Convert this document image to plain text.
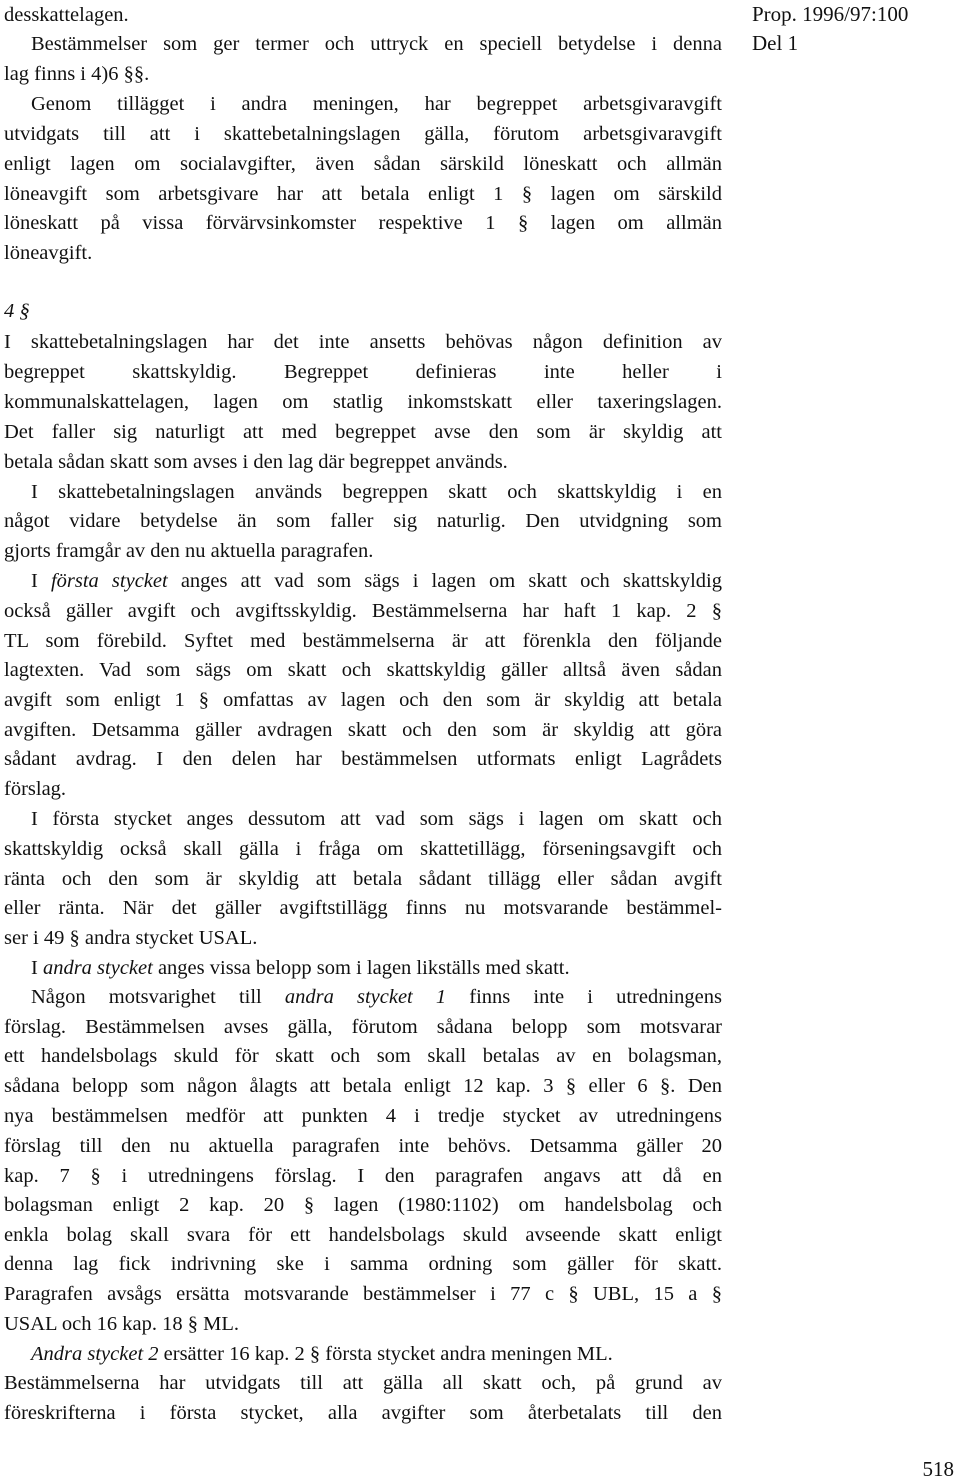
Prop. 1996/97:100
Del 1
desskattelagen.
Bestämmelser som ger termer och uttryck en speciell betydelse i denna
lag finns i 4)6 §§.
Genom tillägget i andra meningen, har begreppet arbetsgivaravgift
utvidgats till att i skattebetalningslagen gälla, förutom arbetsgivaravgift
enligt lagen om socialavgifter, även sådan särskild löneskatt och allmän
löneavgift som arbetsgivare har att betala enligt 1 § lagen om särskild
löneskatt på vissa förvärvsinkomster respektive 1 § lagen om allmän
löneavgift.
4 §
I skattebetalningslagen har det inte ansetts behövas någon definition av
begreppet skattskyldig. Begreppet definieras inte heller i
kommunalskattelagen, lagen om statlig inkomstskatt eller taxeringslagen.
Det faller sig naturligt att med begreppet avse den som är skyldig att
betala sådan skatt som avses i den lag där begreppet används.
I skattebetalningslagen används begreppen skatt och skattskyldig i en
något vidare betydelse än som faller sig naturlig. Den utvidgning som
gjorts framgår av den nu aktuella paragrafen.
I första stycket anges att vad som sägs i lagen om skatt och skattskyldig
också gäller avgift och avgiftsskyldig. Bestämmelserna har haft 1 kap. 2 §
TL som förebild. Syftet med bestämmelserna är att förenkla den följande
lagtexten. Vad som sägs om skatt och skattskyldig gäller alltså även sådan
avgift som enligt 1 § omfattas av lagen och den som är skyldig att betala
avgiften. Detsamma gäller avdragen skatt och den som är skyldig att göra
sådant avdrag. I den delen har bestämmelsen utformats enligt Lagrådets
förslag.
I första stycket anges dessutom att vad som sägs i lagen om skatt och
skattskyldig också skall gälla i fråga om skattetillägg, förseningsavgift och
ränta och den som är skyldig att betala sådant tillägg eller sådan avgift
eller ränta. När det gäller avgiftstillägg finns nu motsvarande bestämmel-
ser i 49 § andra stycket USAL.
I andra stycket anges vissa belopp som i lagen likställs med skatt.
Någon motsvarighet till andra stycket 1 finns inte i utredningens
förslag. Bestämmelsen avses gälla, förutom sådana belopp som motsvarar
ett handelsbolags skuld för skatt och som skall betalas av en bolagsman,
sådana belopp som någon ålagts att betala enligt 12 kap. 3 § eller 6 §. Den
nya bestämmelsen medför att punkten 4 i tredje stycket av utredningens
förslag till den nu aktuella paragrafen inte behövs. Detsamma gäller 20
kap. 7 § i utredningens förslag. I den paragrafen angavs att då en
bolagsman enligt 2 kap. 20 § lagen (1980:1102) om handelsbolag och
enkla bolag skall svara för ett handelsbolags skuld avseende skatt enligt
denna lag fick indrivning ske i samma ordning som gäller för skatt.
Paragrafen avsågs ersätta motsvarande bestämmelser i 77 c § UBL, 15 a §
USAL och 16 kap. 18 § ML.
Andra stycket 2 ersätter 16 kap. 2 § första stycket andra meningen ML.
Bestämmelserna har utvidgats till att gälla all skatt och, på grund av
föreskrifterna i första stycket, alla avgifter som återbetalats till den
518
